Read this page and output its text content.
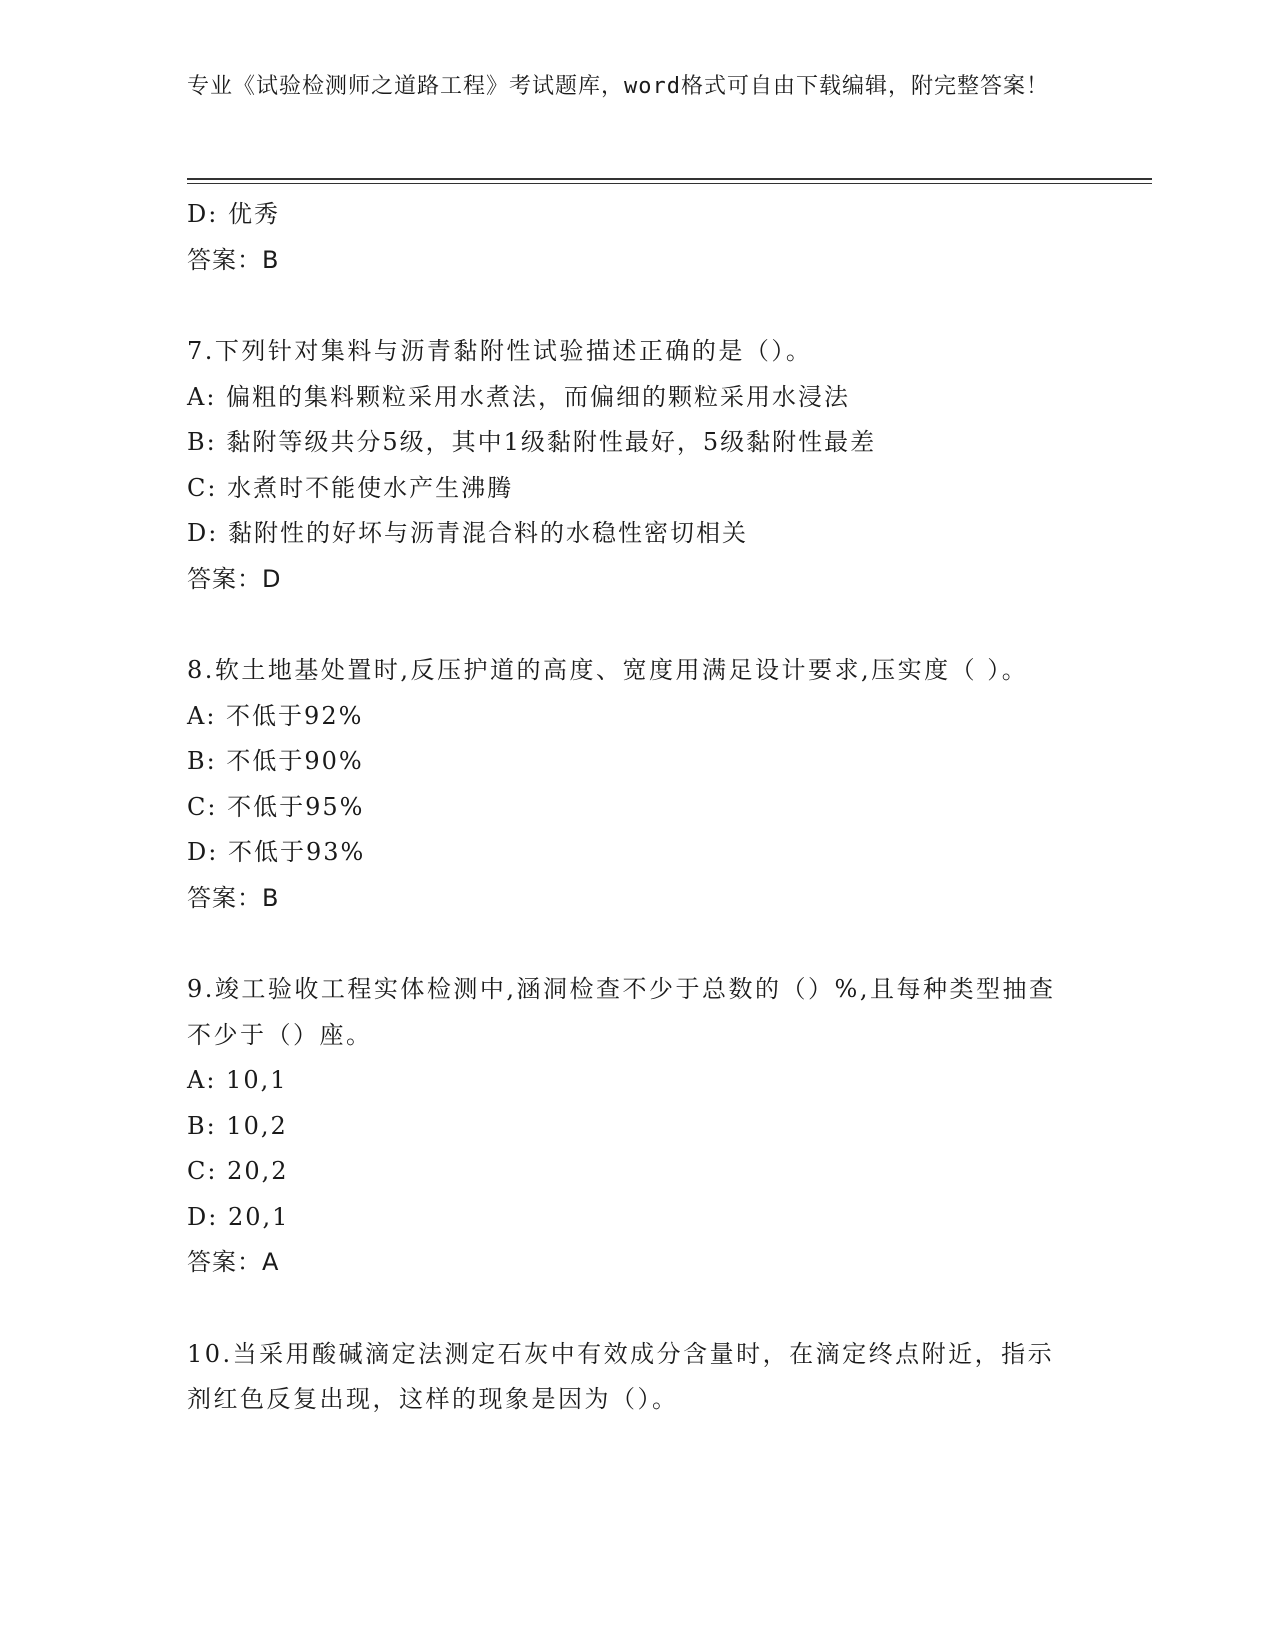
专业《试验检测师之道路工程》考试题库，word格式可自由下载编辑，附完整答案！
D: 优秀
答案：B
7.下列针对集料与沥青黏附性试验描述正确的是（）。
A: 偏粗的集料颗粒采用水煮法，而偏细的颗粒采用水浸法
B: 黏附等级共分5级，其中1级黏附性最好，5级黏附性最差
C: 水煮时不能使水产生沸腾
D: 黏附性的好坏与沥青混合料的水稳性密切相关
答案：D
8.软土地基处置时,反压护道的高度、宽度用满足设计要求,压实度（ ）。
A: 不低于92%
B: 不低于90%
C: 不低于95%
D: 不低于93%
答案：B
9.竣工验收工程实体检测中,涵洞检查不少于总数的（）%,且每种类型抽查不少于（）座。
A: 10,1
B: 10,2
C: 20,2
D: 20,1
答案：A
10.当采用酸碱滴定法测定石灰中有效成分含量时，在滴定终点附近，指示剂红色反复出现，这样的现象是因为（）。
